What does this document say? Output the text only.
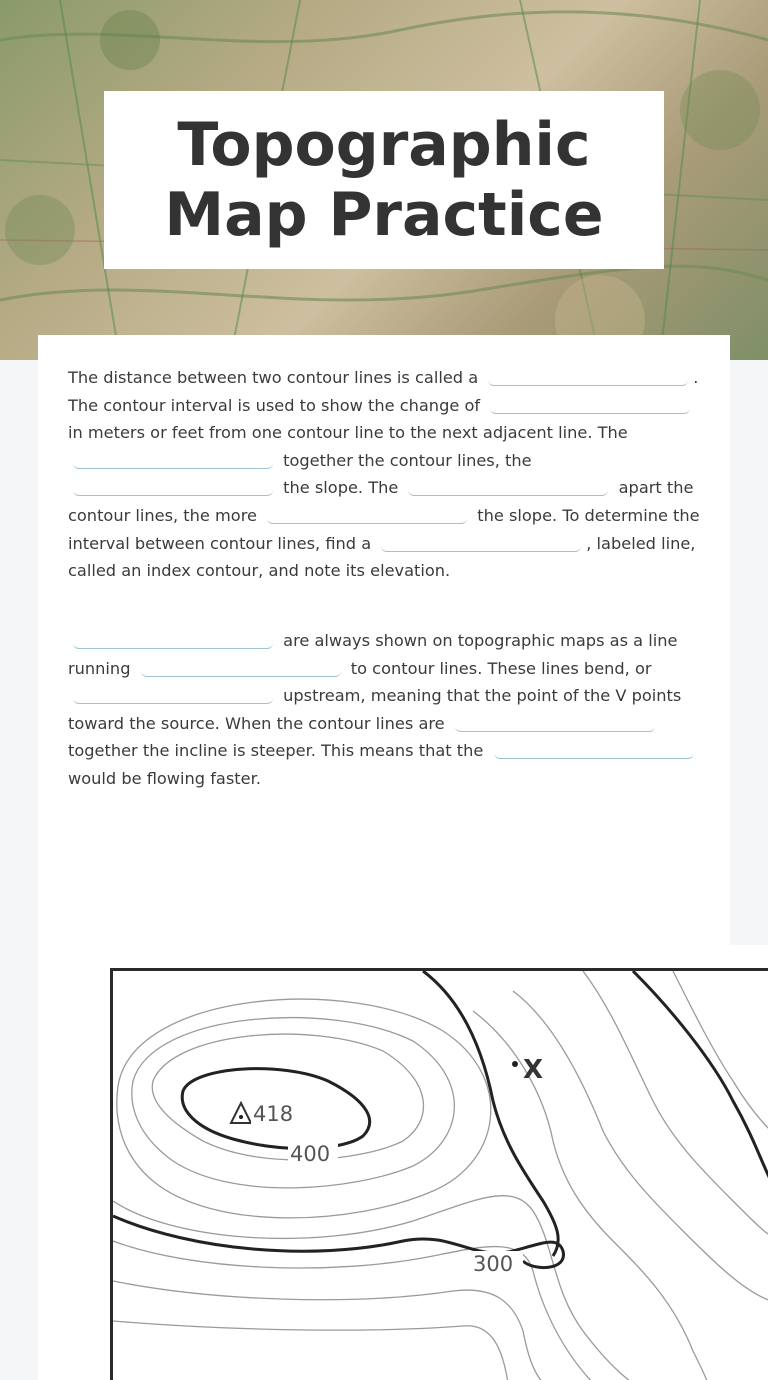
Topographic
Map Practice
The distance between two contour lines is called a	. The contour interval is used to show the change of	in meters or feet from one contour line to the next adjacent line. The  together the contour lines, the  the slope. The	apart the contour lines, the more	the slope. To determine the interval between contour lines, find a	, labeled line, called an index contour, and note its elevation.
are always shown on topographic maps as a line running	to contour lines. These lines bend, or  upstream, meaning that the point of the V points toward the source. When the contour lines are	together the incline is steeper. This means that the	would be flowing faster.
418
400
300
X
